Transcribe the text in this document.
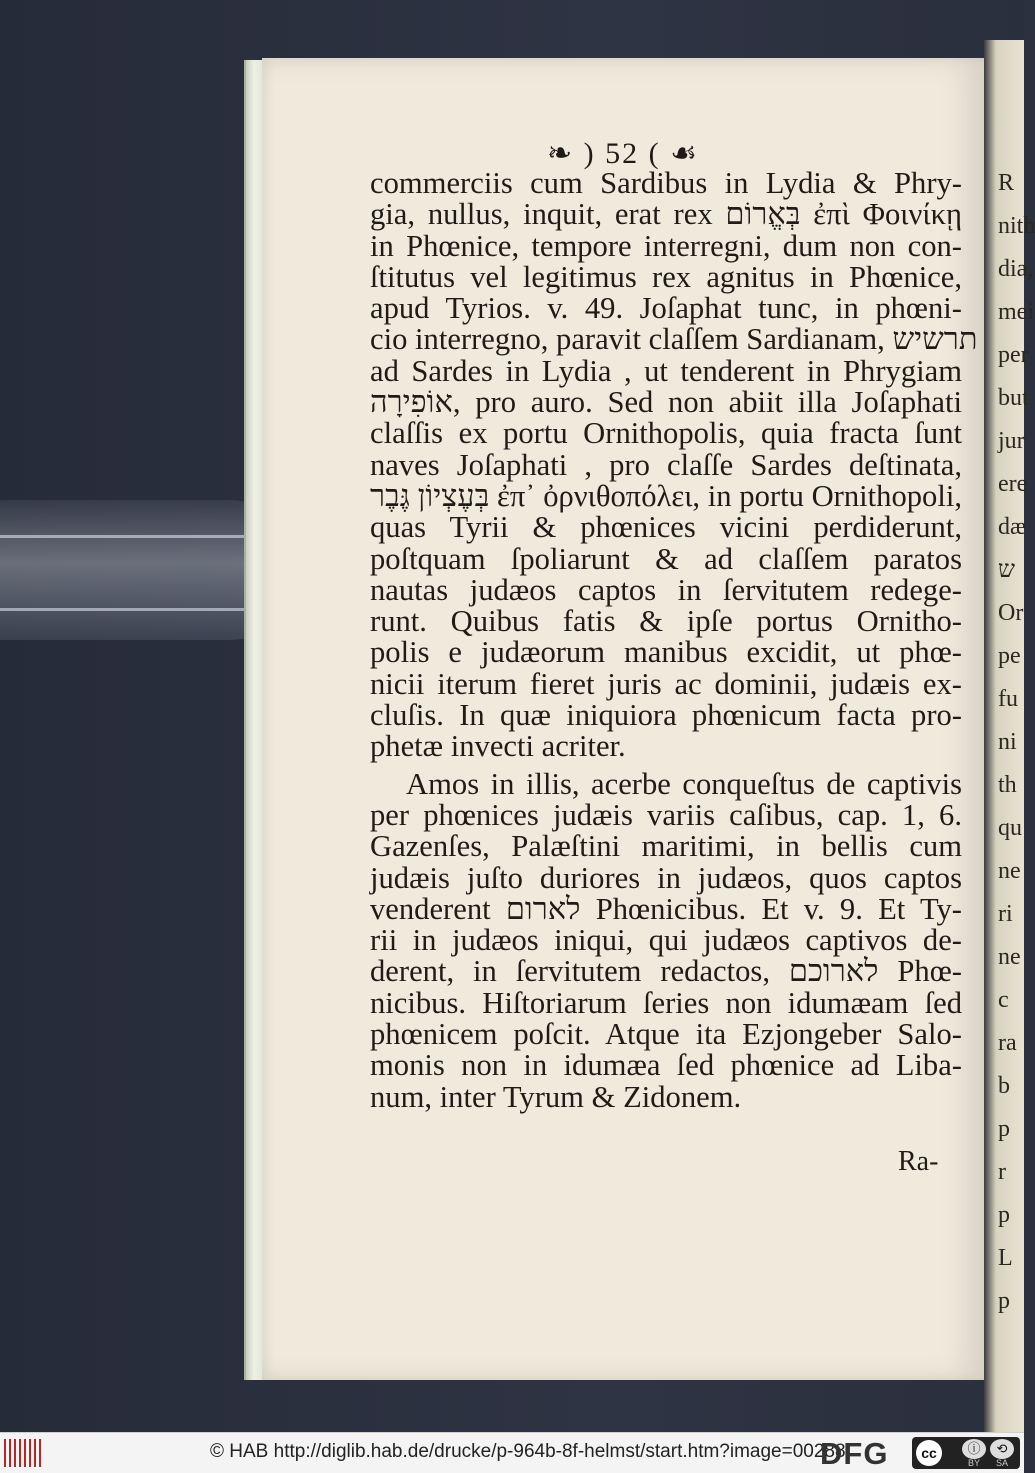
❧ ) 52 ( ☙
commerciis cum Sardibus in Lydia & Phry-
gia, nullus, inquit, erat rex בְּאֱרוֹם ἐπὶ Φοινίκῃ
in Phœnice, tempore interregni, dum non con-
ſtitutus vel legitimus rex agnitus in Phœnice,
apud Tyrios. v. 49. Joſaphat tunc, in phœni-
cio interregno, paravit claſſem Sardianam, תרשיש
ad Sardes in Lydia , ut tenderent in Phrygiam
אוֹפִירָה, pro auro. Sed non abiit illa Joſaphati
claſſis ex portu Ornithopolis, quia fracta ſunt
naves Joſaphati , pro claſſe Sardes deſtinata,
בְּעֶצְיוֹן גֶּבֶר ἐπ᾽ ὀρνιθοπόλει, in portu Ornithopoli,
quas Tyrii & phœnices vicini perdiderunt,
poſtquam ſpoliarunt & ad claſſem paratos
nautas judæos captos in ſervitutem redege-
runt. Quibus fatis & ipſe portus Ornitho-
polis e judæorum manibus excidit, ut phœ-
nicii iterum fieret juris ac dominii, judæis ex-
cluſis. In quæ iniquiora phœnicum facta pro-
phetæ invecti acriter.
Amos in illis, acerbe conqueſtus de captivis
per phœnices judæis variis caſibus, cap. 1, 6.
Gazenſes, Palæſtini maritimi, in bellis cum
judæis juſto duriores in judæos, quos captos
venderent לארום Phœnicibus. Et v. 9. Et Ty-
rii in judæos iniqui, qui judæos captivos de-
derent, in ſervitutem redactos, לארוכם Phœ-
nicibus. Hiſtoriarum ſeries non idumæam ſed
phœnicem poſcit. Atque ita Ezjongeber Salo-
monis non in idumæa ſed phœnice ad Liba-
num, inter Tyrum & Zidonem.
Ra-
R
nith
dia,
mei
per
but
jur
ere
dæ
ש
Or
pe
fu
ni
th
qu
ne
ri
ne
c
ra
b
p
r
p
L
p
© HAB http://diglib.hab.de/drucke/p-964b-8f-helmst/start.htm?image=00288
DFG	cc	ⓘ	⟲
BY SA
